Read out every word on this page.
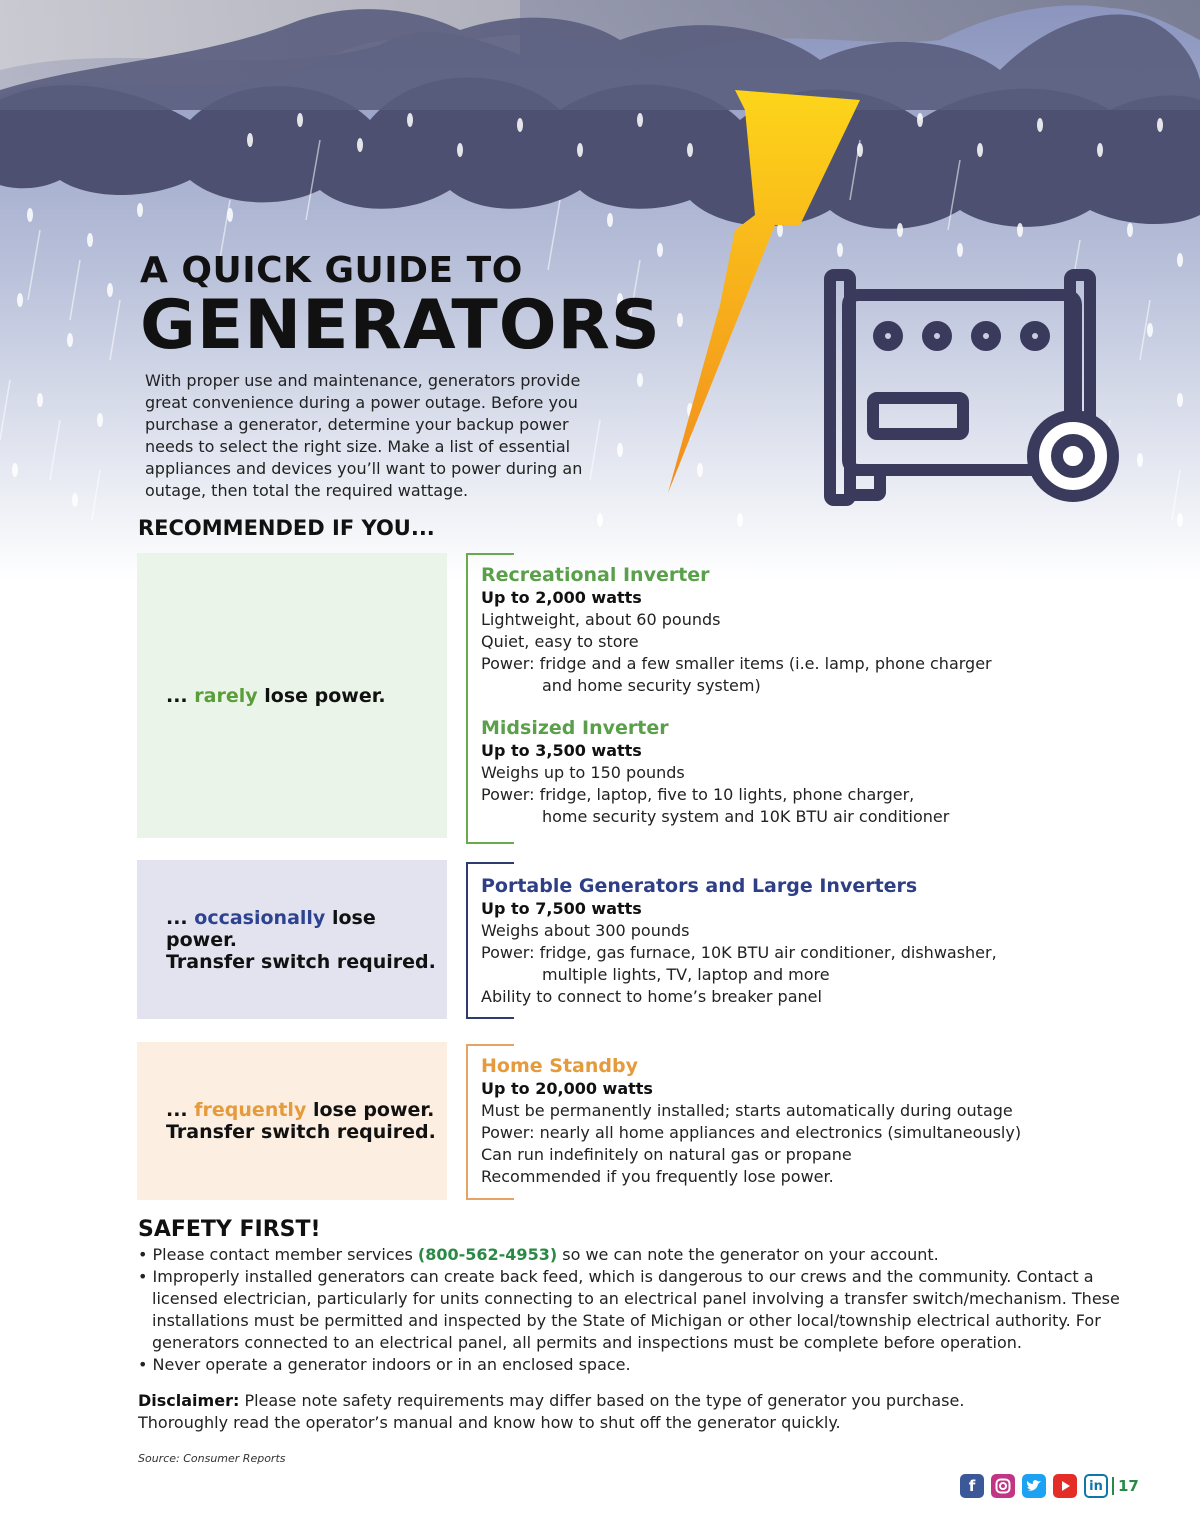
A QUICK GUIDE TO
GENERATORS
With proper use and maintenance, generators provide great convenience during a power outage. Before you purchase a generator, determine your backup power needs to select the right size. Make a list of essential appliances and devices you’ll want to power during an outage, then total the required wattage.
RECOMMENDED IF YOU...
... rarely lose power.
... occasionally lose power.
Transfer switch required.
... frequently lose power.
Transfer switch required.
Recreational Inverter
Up to 2,000 watts
Lightweight, about 60 pounds
Quiet, easy to store
Power: fridge and a few smaller items (i.e. lamp, phone charger
and home security system)
Midsized Inverter
Up to 3,500 watts
Weighs up to 150 pounds
Power: fridge, laptop, five to 10 lights, phone charger,
home security system and 10K BTU air conditioner
Portable Generators and Large Inverters
Up to 7,500 watts
Weighs about 300 pounds
Power: fridge, gas furnace, 10K BTU air conditioner, dishwasher,
multiple lights, TV, laptop and more
Ability to connect to home’s breaker panel
Home Standby
Up to 20,000 watts
Must be permanently installed; starts automatically during outage
Power: nearly all home appliances and electronics (simultaneously)
Can run indefinitely on natural gas or propane
Recommended if you frequently lose power.
SAFETY FIRST!
• Please contact member services (800-562-4953) so we can note the generator on your account.
• Improperly installed generators can create back feed, which is dangerous to our crews and the community. Contact a licensed electrician, particularly for units connecting to an electrical panel involving a transfer switch/mechanism. These installations must be permitted and inspected by the State of Michigan or other local/township electrical authority. For generators connected to an electrical panel, all permits and inspections must be complete before operation.
• Never operate a generator indoors or in an enclosed space.
Disclaimer: Please note safety requirements may differ based on the type of generator you purchase.
Thoroughly read the operator’s manual and know how to shut off the generator quickly.
Source: Consumer Reports
f	in	17
